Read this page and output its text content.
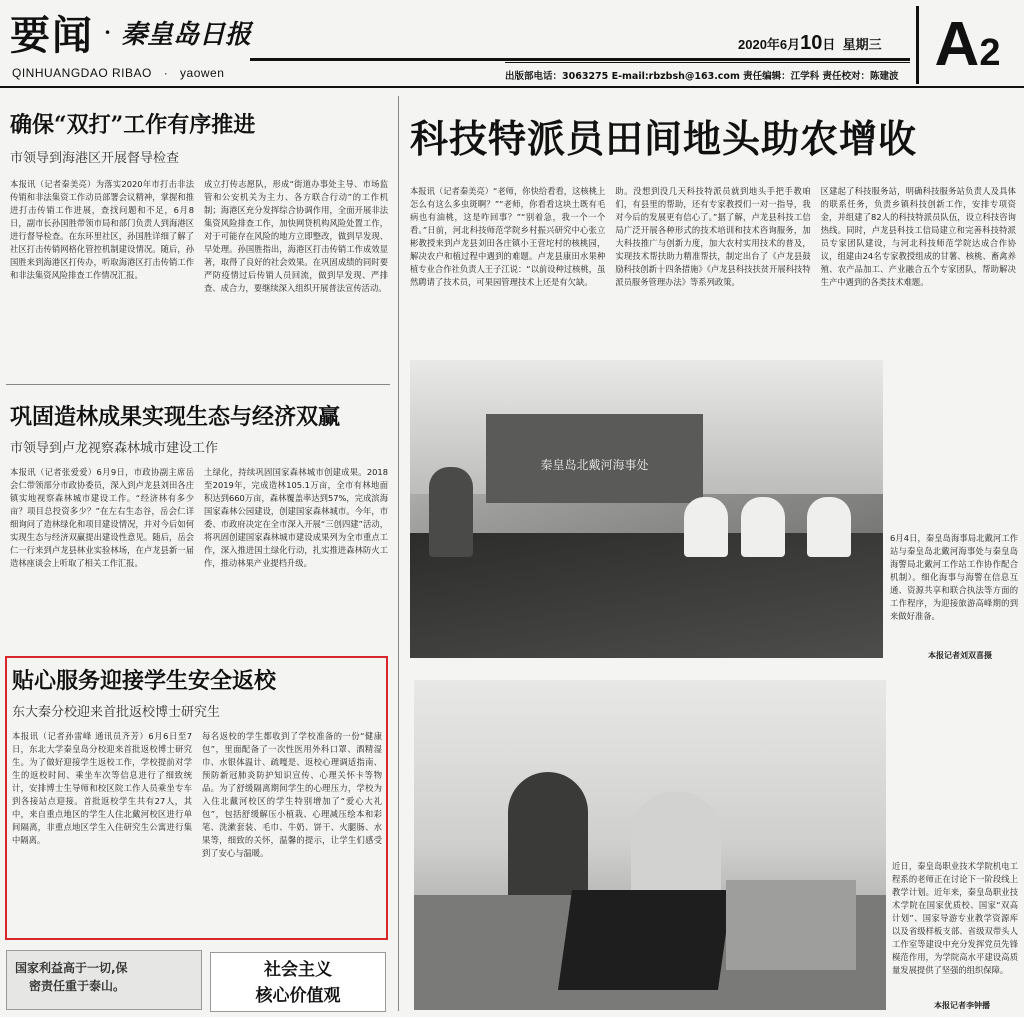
要闻 · 秦皇岛日报
QINHUANGDAO RIBAO · yaowen
2020年6月10日 星期三
出版部电话：3063275 E-mail:rbzbsh@163.com 责任编辑：江学科 责任校对：陈建波 A2
确保“双打”工作有序推进
市领导到海港区开展督导检查
本报讯（记者秦美亮）为落实2020年市打击非法传销和非法集资工作动员部署会议精神，掌握和推进打击传销工作进展，查找问题和不足，6月8日，副市长孙国胜带领市局和部门负责人到海港区进行督导检查。在东环里社区，孙国胜详细了解了社区打击传销网格化管控机制建设情况。随后，孙国胜来到海港区打传办，听取海港区打击传销工作和非法集资风险排查工作情况汇报。
成立打传志愿队，形成“街道办事处主导、市场监管和公安机关为主力、各方联合行动”的工作机制；海港区充分发挥综合协调作用，全面开展非法集资风险排查工作，加快网贷机构风险处置工作，对于可能存在风险的地方立即整改，做到早发现、早处理。孙国胜指出，海港区打击传销工作成效显著，取得了良好的社会效果。在巩固成绩的同时要严防疫情过后传销人员回流，做到早发现、严排查、成合力，要继续深入组织开展普法宣传活动。
科技特派员田间地头助农增收
本报讯（记者秦美亮）“老师，你快给看看，这核桃上怎么有这么多虫斑啊？”“老师，你看看这块土既有毛病也有油桃，这是咋回事？”“别着急，我一个一个看。”日前，河北科技师范学院乡村振兴研究中心张立彬教授来到卢龙县刘田各庄镇小王营坨村的核桃园，解决农户和植过程中遇到的难题。卢龙县康田水果种植专业合作社负责人王子江说：“以前设种过核桃，虽然聘请了技术员，可果园管理技术上还是有欠缺。
助。没想到没几天科技特派员就到地头手把手教咱们，有县里的帮助，还有专家教授们一对一指导，我对今后的发展更有信心了。”据了解，卢龙县科技工信局广泛开展各种形式的技术培训和技术咨询服务，加大科技推广与创新力度，加大农村实用技术的普及，实现技术帮扶助力精准帮扶，制定出台了《卢龙县鼓励科技创新十四条措施》《卢龙县科技扶贫开展科技特派员服务管理办法》等系列政策。
区建起了科技服务站，明确科技服务站负责人及具体的联系任务，负责乡镇科技创新工作，安排专项资金，并组建了82人的科技特派员队伍，设立科技咨询热线。同时，卢龙县科技工信局建立和完善科技特派员专家团队建设，与河北科技师范学院达成合作协议，组建由24名专家教授组成的甘薯、核桃、畜禽养殖、农产品加工、产业融合五个专家团队，帮助解决生产中遇到的各类技术难题。
巩固造林成果实现生态与经济双赢
市领导到卢龙视察森林城市建设工作
本报讯（记者张爱爱）6月9日，市政协副主席岳会仁带领部分市政协委员，深入到卢龙县刘田各庄镇实地视察森林城市建设工作。“经济林有多少亩？项目总投资多少？”在左右生态谷，岳会仁详细询问了造林绿化和项目建设情况，并对今后如何实现生态与经济双赢提出建设性意见。随后，岳会仁一行来到卢龙县林业实验林场，在卢龙县新一届造林座谈会上听取了相关工作汇报。
土绿化，持续巩固国家森林城市创建成果。2018至2019年，完成造林105.1万亩，全市有林地面积达到660万亩，森林覆盖率达到57%，完成滨海国家森林公园建设，创建国家森林城市。今年，市委、市政府决定在全市深入开展“三创四建”活动，将巩固创建国家森林城市建设成果列为全市重点工作，深入推进国土绿化行动，扎实推进森林防火工作，推动林果产业提档升级。
秦皇岛北戴河海事处
6月4日，秦皇岛海事局北戴河工作站与秦皇岛北戴河海事处与秦皇岛海警局北戴河工作站工作协作配合机制）。细化海事与海警在信息互通、资源共享和联合执法等方面的工作程序，为迎接旅游高峰期的到来做好准备。
本报记者刘双喜摄
贴心服务迎接学生安全返校
东大秦分校迎来首批返校博士研究生
本报讯（记者孙雷峰 通讯员齐芳）6月6日至7日，东北大学秦皇岛分校迎来首批返校博士研究生。为了做好迎接学生返校工作，学校提前对学生的返校时间、乘坐车次等信息进行了细致统计，安排博士生导师和校区院工作人员乘坐专车到各接站点迎接。首批返校学生共有27人，其中，来自重点地区的学生人住北戴河校区进行单间隔离，非重点地区学生入住研究生公寓进行集中隔离。
每名返校的学生都收到了学校准备的一份“健康包”，里面配备了一次性医用外科口罩、酒精湿巾、水银体温计、疏嘎是、返校心理调适指南、预防新冠肺炎防护知识宣传、心理关怀卡等物品。为了舒缓隔离期间学生的心理压力，学校为入住北戴河校区的学生特别增加了“爱心大礼包”，包括舒缓解压小植栽、心理减压绘本和彩笔、洗漱套装、毛巾、牛奶、饼干、火腿肠、水果等，细致的关怀，温馨的提示，让学生们感受到了安心与温暖。
近日，秦皇岛职业技术学院机电工程系的老师正在讨论下一阶段线上教学计划。近年来，秦皇岛职业技术学院在国家优质校、国家“双高计划”、国家导游专业教学资源库以及省级样板支部、省级双带头人工作室等建设中充分发挥党员先锋模范作用，为学院高水平建设高质量发展提供了坚强的组织保障。
本报记者李钟播
国家利益高于一切,保
密责任重于泰山。
社会主义
核心价值观
